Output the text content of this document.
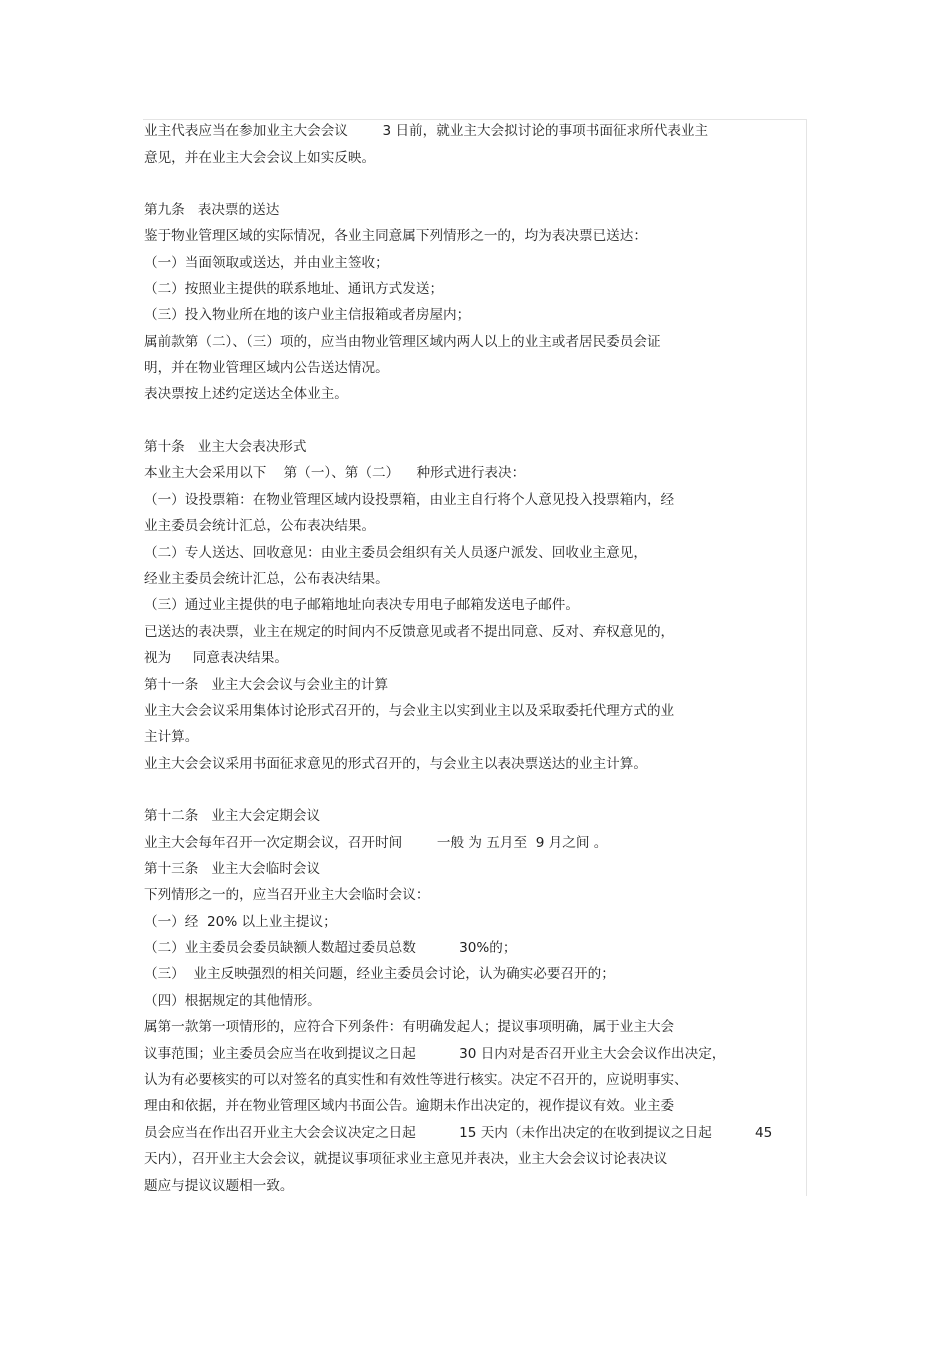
业主代表应当在参加业主大会会议        3 日前，就业主大会拟讨论的事项书面征求所代表业主
意见，并在业主大会会议上如实反映。
第九条   表决票的送达
鉴于物业管理区域的实际情况，各业主同意属下列情形之一的，均为表决票已送达：
（一）当面领取或送达，并由业主签收；
（二）按照业主提供的联系地址、通讯方式发送；
（三）投入物业所在地的该户业主信报箱或者房屋内；
属前款第（二）、（三）项的，应当由物业管理区域内两人以上的业主或者居民委员会证
明，并在物业管理区域内公告送达情况。
表决票按上述约定送达全体业主。
第十条   业主大会表决形式
本业主大会采用以下    第（一）、第（二）    种形式进行表决：
（一）设投票箱：在物业管理区域内设投票箱，由业主自行将个人意见投入投票箱内，经
业主委员会统计汇总，公布表决结果。
（二）专人送达、回收意见：由业主委员会组织有关人员逐户派发、回收业主意见，
经业主委员会统计汇总，公布表决结果。
（三）通过业主提供的电子邮箱地址向表决专用电子邮箱发送电子邮件。
已送达的表决票，业主在规定的时间内不反馈意见或者不提出同意、反对、弃权意见的，
视为     同意表决结果。
第十一条   业主大会会议与会业主的计算
业主大会会议采用集体讨论形式召开的，与会业主以实到业主以及采取委托代理方式的业
主计算。
业主大会会议采用书面征求意见的形式召开的，与会业主以表决票送达的业主计算。
第十二条   业主大会定期会议
业主大会每年召开一次定期会议，召开时间        一般 为 五月至  9 月之间 。
第十三条   业主大会临时会议
下列情形之一的，应当召开业主大会临时会议：
（一）经  20% 以上业主提议；
（二）业主委员会委员缺额人数超过委员总数          30%的；
（三）  业主反映强烈的相关问题，经业主委员会讨论，认为确实必要召开的；
（四）根据规定的其他情形。
属第一款第一项情形的，应符合下列条件：有明确发起人；提议事项明确，属于业主大会
议事范围；业主委员会应当在收到提议之日起          30 日内对是否召开业主大会会议作出决定，
认为有必要核实的可以对签名的真实性和有效性等进行核实。决定不召开的，应说明事实、
理由和依据，并在物业管理区域内书面公告。逾期未作出决定的，视作提议有效。业主委
员会应当在作出召开业主大会会议决定之日起          15 天内（未作出决定的在收到提议之日起          45
天内），召开业主大会会议，就提议事项征求业主意见并表决，业主大会会议讨论表决议
题应与提议议题相一致。
